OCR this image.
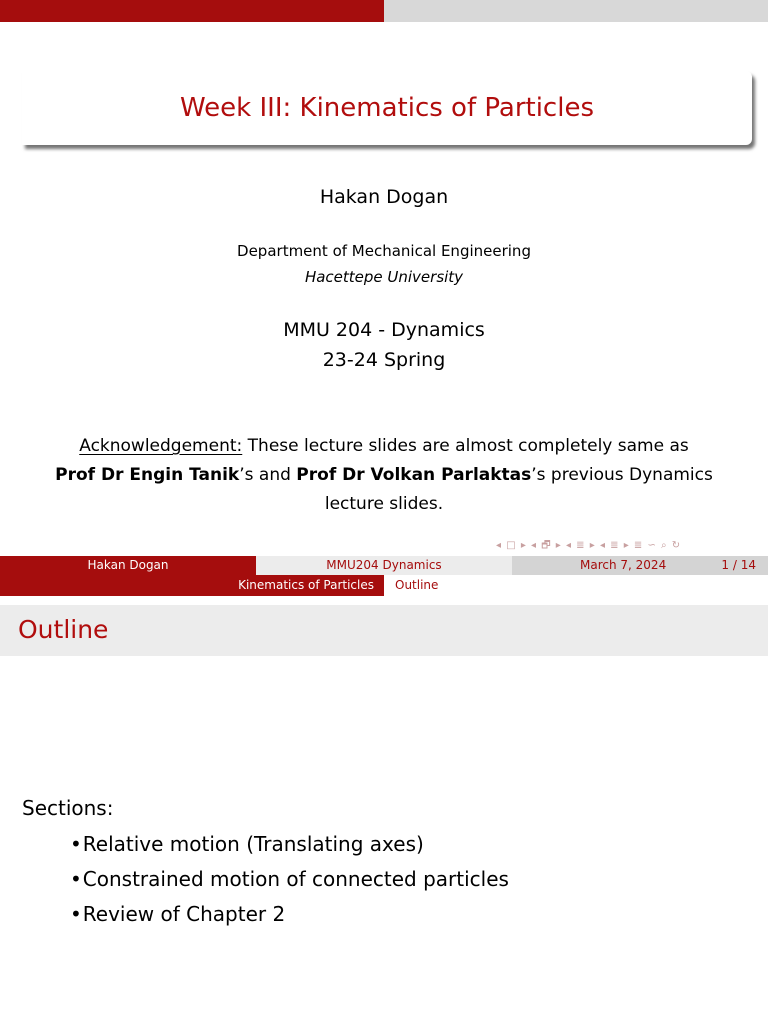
Week III: Kinematics of Particles
Hakan Dogan
Department of Mechanical Engineering
Hacettepe University
MMU 204 - Dynamics
23-24 Spring
Acknowledgement: These lecture slides are almost completely same as
Prof Dr Engin Tanik’s and Prof Dr Volkan Parlaktas’s previous Dynamics lecture slides.
◂ □ ▸ ◂ 🗗 ▸ ◂ ≣ ▸ ◂ ≣ ▸ ≣ ∽ ⌕ ↻
Hakan Dogan	MMU204 Dynamics	March 7, 2024	1 / 14
Kinematics of Particles Outline
Outline
Sections:
•Relative motion (Translating axes)
•Constrained motion of connected particles
•Review of Chapter 2
